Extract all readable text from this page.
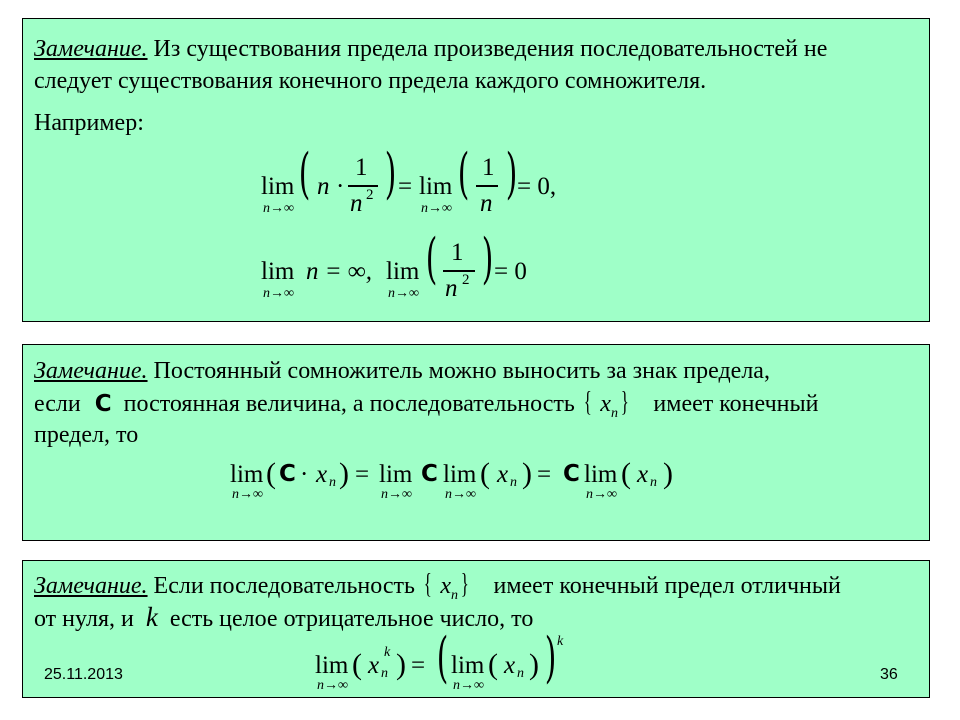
Замечание. Из существования предела произведения последовательностей не
следует существования конечного предела каждого сомножителя.
Например:
lim
n→∞
( n ·
1
n 2 ) = lim
n→∞
( 1
n ) = 0,
lim
n→∞
n = ∞, lim
n→∞
( 1
n 2 ) = 0
Замечание. Постоянный сомножитель можно выносить за знак предела,
если C постоянная величина, а последовательность { $x_n$} имеет конечный
предел, то
lim
n→∞
( C · x n ) = lim
n→∞
C lim
n→∞
( x n ) = C lim
n→∞
( x n )
Замечание. Если последовательность { $x_n$} имеет конечный предел отличный
от нуля, и k есть целое отрицательное число, то
lim
n→∞
( x k
n ) = ( lim
n→∞
( x n ) ) k
25.11.2013	36
